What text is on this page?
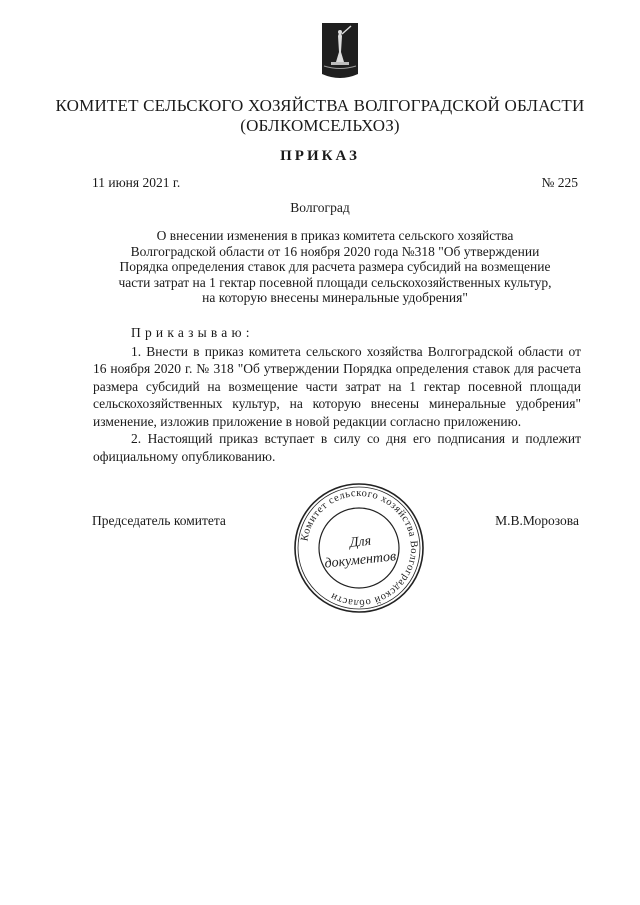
КОМИТЕТ СЕЛЬСКОГО ХОЗЯЙСТВА ВОЛГОГРАДСКОЙ ОБЛАСТИ
(ОБЛКОМСЕЛЬХОЗ)
ПРИКАЗ
11 июня 2021 г.	№ 225
Волгоград
О внесении изменения в приказ комитета сельского хозяйства
Волгоградской области от 16 ноября 2020 года №318 "Об утверждении
Порядка определения ставок для расчета размера субсидий на возмещение
части затрат на 1 гектар посевной площади сельскохозяйственных культур,
на которую внесены минеральные удобрения"

Приказываю:

1. Внести в приказ комитета сельского хозяйства Волгоградской области от 16 ноября 2020 г. № 318 "Об утверждении Порядка определения ставок для расчета размера субсидий на возмещение части затрат на 1 гектар посевной площади сельскохозяйственных культур, на которую внесены минеральные удобрения" изменение, изложив приложение в новой редакции согласно приложению.

2. Настоящий приказ вступает в силу со дня его подписания и подлежит официальному опубликованию.

Председатель комитета	М.В.Морозова
Комитет сельского хозяйства Волгоградской области
Для
документов
